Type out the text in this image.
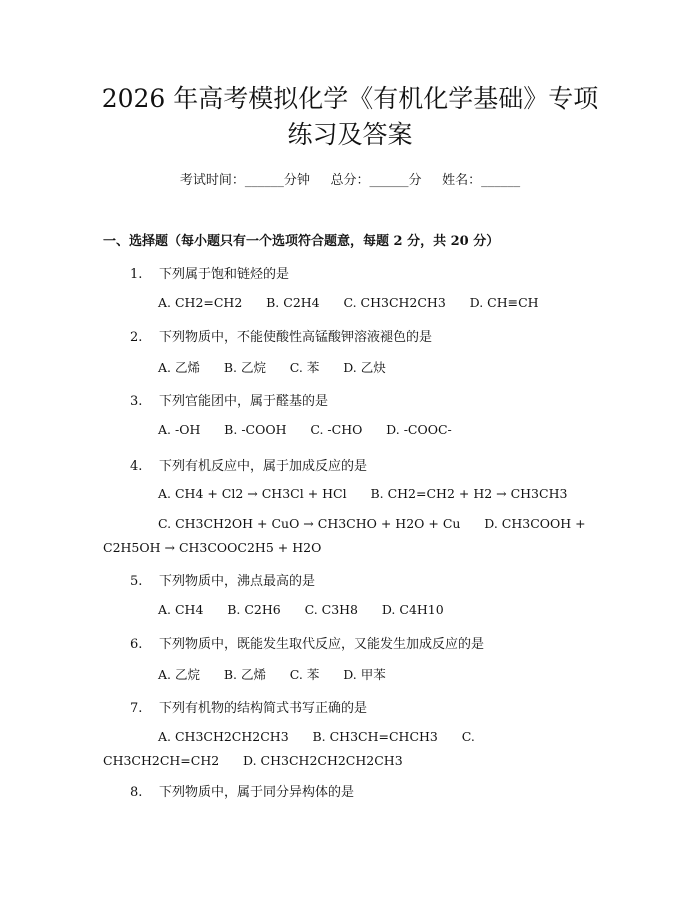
2026 年高考模拟化学《有机化学基础》专项
练习及答案
考试时间：______分钟     总分：______分     姓名：______
一、选择题（每小题只有一个选项符合题意，每题 2 分，共 20 分）
1. 下列属于饱和链烃的是
A. CH2=CH2      B. C2H4      C. CH3CH2CH3      D. CH≡CH
2. 下列物质中，不能使酸性高锰酸钾溶液褪色的是
A. 乙烯      B. 乙烷      C. 苯      D. 乙炔
3. 下列官能团中，属于醛基的是
A. -OH      B. -COOH      C. -CHO      D. -COOC-
4. 下列有机反应中，属于加成反应的是
A. CH4 + Cl2 → CH3Cl + HCl      B. CH2=CH2 + H2 → CH3CH3
C. CH3CH2OH + CuO → CH3CHO + H2O + Cu      D. CH3COOH + C2H5OH → CH3COOC2H5 + H2O
5. 下列物质中，沸点最高的是
A. CH4      B. C2H6      C. C3H8      D. C4H10
6. 下列物质中，既能发生取代反应，又能发生加成反应的是
A. 乙烷      B. 乙烯      C. 苯      D. 甲苯
7. 下列有机物的结构简式书写正确的是
A. CH3CH2CH2CH3      B. CH3CH=CHCH3      C. CH3CH2CH=CH2      D. CH3CH2CH2CH2CH3
8. 下列物质中，属于同分异构体的是
